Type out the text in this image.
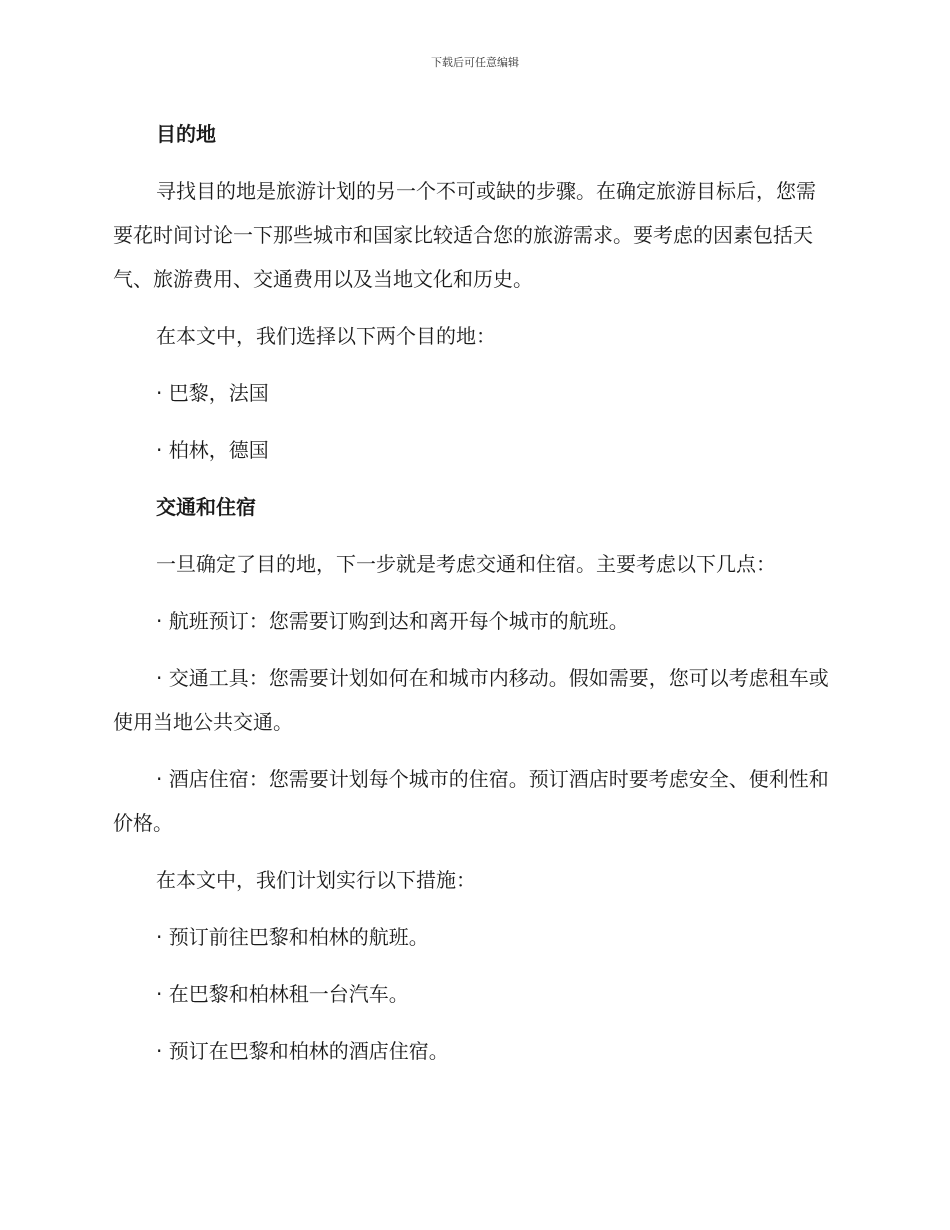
下载后可任意编辑
目的地
寻找目的地是旅游计划的另一个不可或缺的步骤。在确定旅游目标后，您需要花时间讨论一下那些城市和国家比较适合您的旅游需求。要考虑的因素包括天气、旅游费用、交通费用以及当地文化和历史。
在本文中，我们选择以下两个目的地：
· 巴黎，法国
· 柏林，德国
交通和住宿
一旦确定了目的地，下一步就是考虑交通和住宿。主要考虑以下几点：
· 航班预订：您需要订购到达和离开每个城市的航班。
· 交通工具：您需要计划如何在和城市内移动。假如需要，您可以考虑租车或使用当地公共交通。
· 酒店住宿：您需要计划每个城市的住宿。预订酒店时要考虑安全、便利性和价格。
在本文中，我们计划实行以下措施：
· 预订前往巴黎和柏林的航班。
· 在巴黎和柏林租一台汽车。
· 预订在巴黎和柏林的酒店住宿。
